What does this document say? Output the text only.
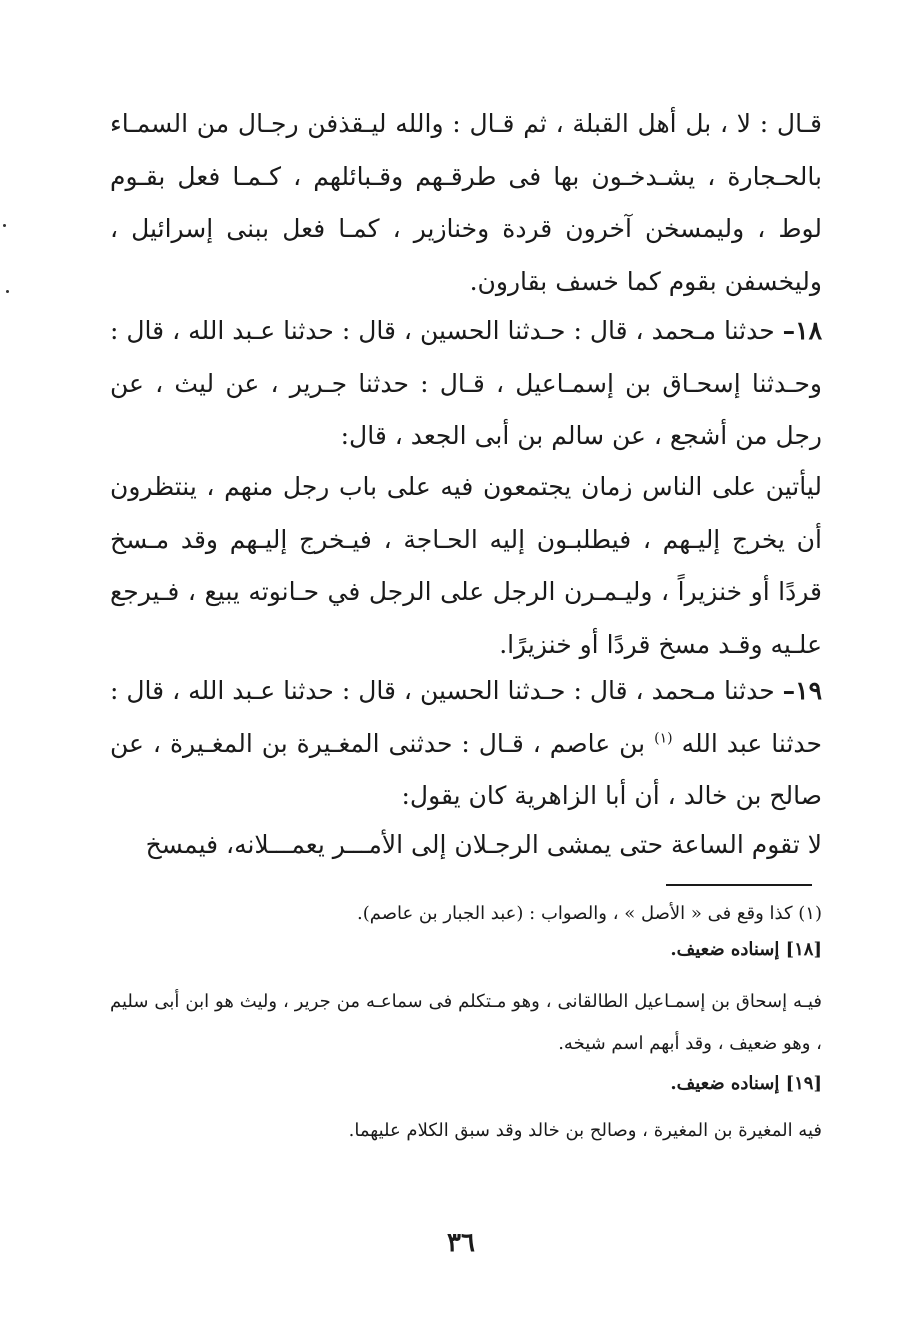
قـال : لا ، بل أهل القبلة ، ثم قـال : والله ليـقذفن رجـال من السمـاء بالحـجارة ، يشـدخـون بها فى طرقـهم وقـبائلهم ، كـمـا فعل بقـوم لوط ، وليمسخن آخرون قردة وخنازير ، كمـا فعل ببنى إسرائيل ، وليخسفن بقوم كما خسف بقارون.

١٨– حدثنا مـحمد ، قال : حـدثنا الحسين ، قال : حدثنا عـبد الله ، قال : وحـدثنا إسحـاق بن إسمـاعيل ، قـال : حدثنا جـرير ، عن ليث ، عن رجل من أشجع ، عن سالم بن أبى الجعد ، قال:

ليأتين على الناس زمان يجتمعون فيه على باب رجل منهم ، ينتظرون أن يخرج إليـهم ، فيطلبـون إليه الحـاجة ، فيـخرج إليـهم وقد مـسخ قردًا أو خنزيراً ، وليـمـرن الرجل على الرجل في حـانوته يبيع ، فـيرجع علـيه وقـد مسخ قردًا أو خنزيرًا.

١٩– حدثنا مـحمد ، قال : حـدثنا الحسين ، قال : حدثنا عـبد الله ، قال : حدثنا عبد الله $^{(١)}$ بن عاصم ، قـال : حدثنى المغـيرة بن المغـيرة ، عن صالح بن خالد ، أن أبا الزاهرية كان يقول:

لا تقوم الساعة حتى يمشى الرجـلان إلى الأمـــر يعمـــلانه، فيمسخ

(١) كذا وقع فى « الأصل » ، والصواب : (عبد الجبار بن عاصم).

[١٨] إسناده ضعيف.

فيـه إسحاق بن إسمـاعيل الطالقانى ، وهو مـتكلم فى سماعـه من جرير ، وليث هو ابن أبى سليم ، وهو ضعيف ، وقد أبهم اسم شيخه.

[١٩] إسناده ضعيف.

فيه المغيرة بن المغيرة ، وصالح بن خالد وقد سبق الكلام عليهما.

٣٦
